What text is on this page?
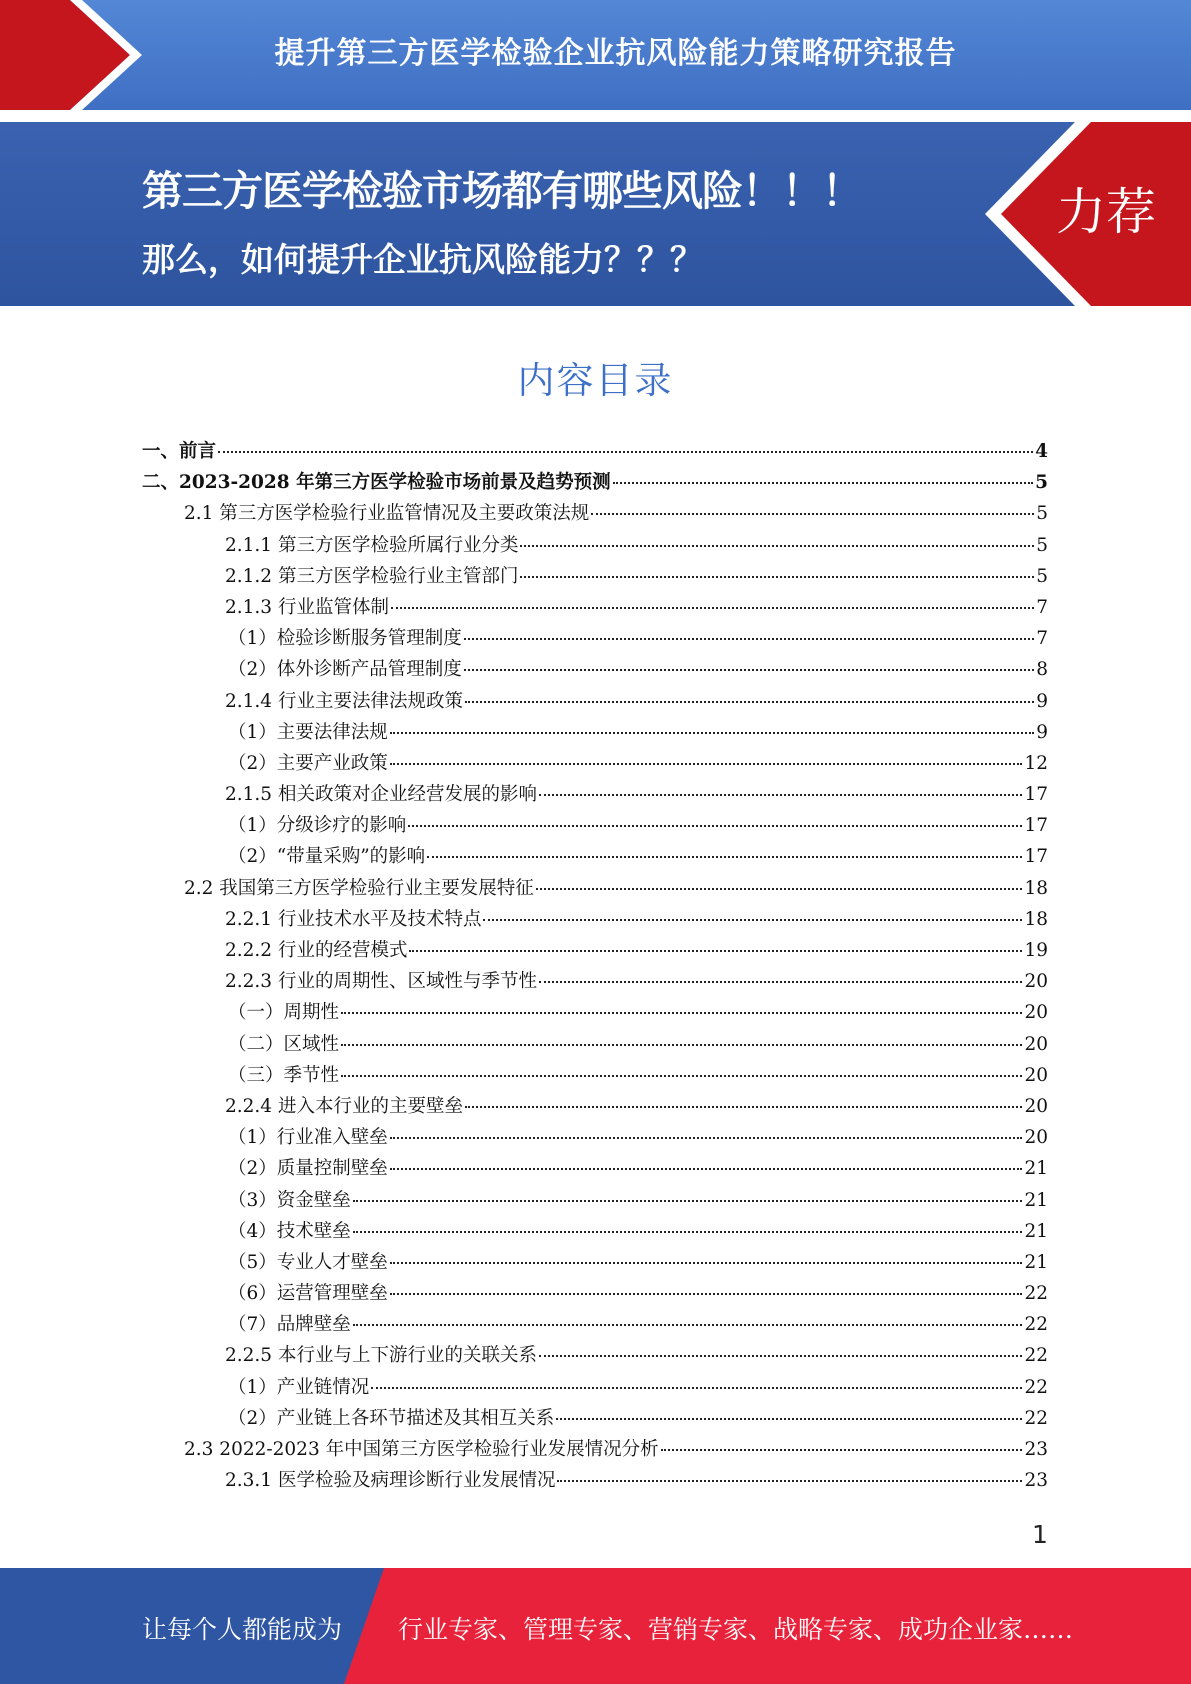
提升第三方医学检验企业抗风险能力策略研究报告
第三方医学检验市场都有哪些风险！！！
那么，如何提升企业抗风险能力？？？
力荐
内容目录
一、前言	4
二、2023-2028 年第三方医学检验市场前景及趋势预测	5
2.1 第三方医学检验行业监管情况及主要政策法规	5
2.1.1 第三方医学检验所属行业分类	5
2.1.2 第三方医学检验行业主管部门	5
2.1.3 行业监管体制	7
（1）检验诊断服务管理制度	7
（2）体外诊断产品管理制度	8
2.1.4 行业主要法律法规政策	9
（1）主要法律法规	9
（2）主要产业政策	12
2.1.5 相关政策对企业经营发展的影响	17
（1）分级诊疗的影响	17
（2）“带量采购”的影响	17
2.2 我国第三方医学检验行业主要发展特征	18
2.2.1 行业技术水平及技术特点	18
2.2.2 行业的经营模式	19
2.2.3 行业的周期性、区域性与季节性	20
（一）周期性	20
（二）区域性	20
（三）季节性	20
2.2.4 进入本行业的主要壁垒	20
（1）行业准入壁垒	20
（2）质量控制壁垒	21
（3）资金壁垒	21
（4）技术壁垒	21
（5）专业人才壁垒	21
（6）运营管理壁垒	22
（7）品牌壁垒	22
2.2.5 本行业与上下游行业的关联关系	22
（1）产业链情况	22
（2）产业链上各环节描述及其相互关系	22
2.3 2022-2023 年中国第三方医学检验行业发展情况分析	23
2.3.1 医学检验及病理诊断行业发展情况	23
1
让每个人都能成为 行业专家、管理专家、营销专家、战略专家、成功企业家……
